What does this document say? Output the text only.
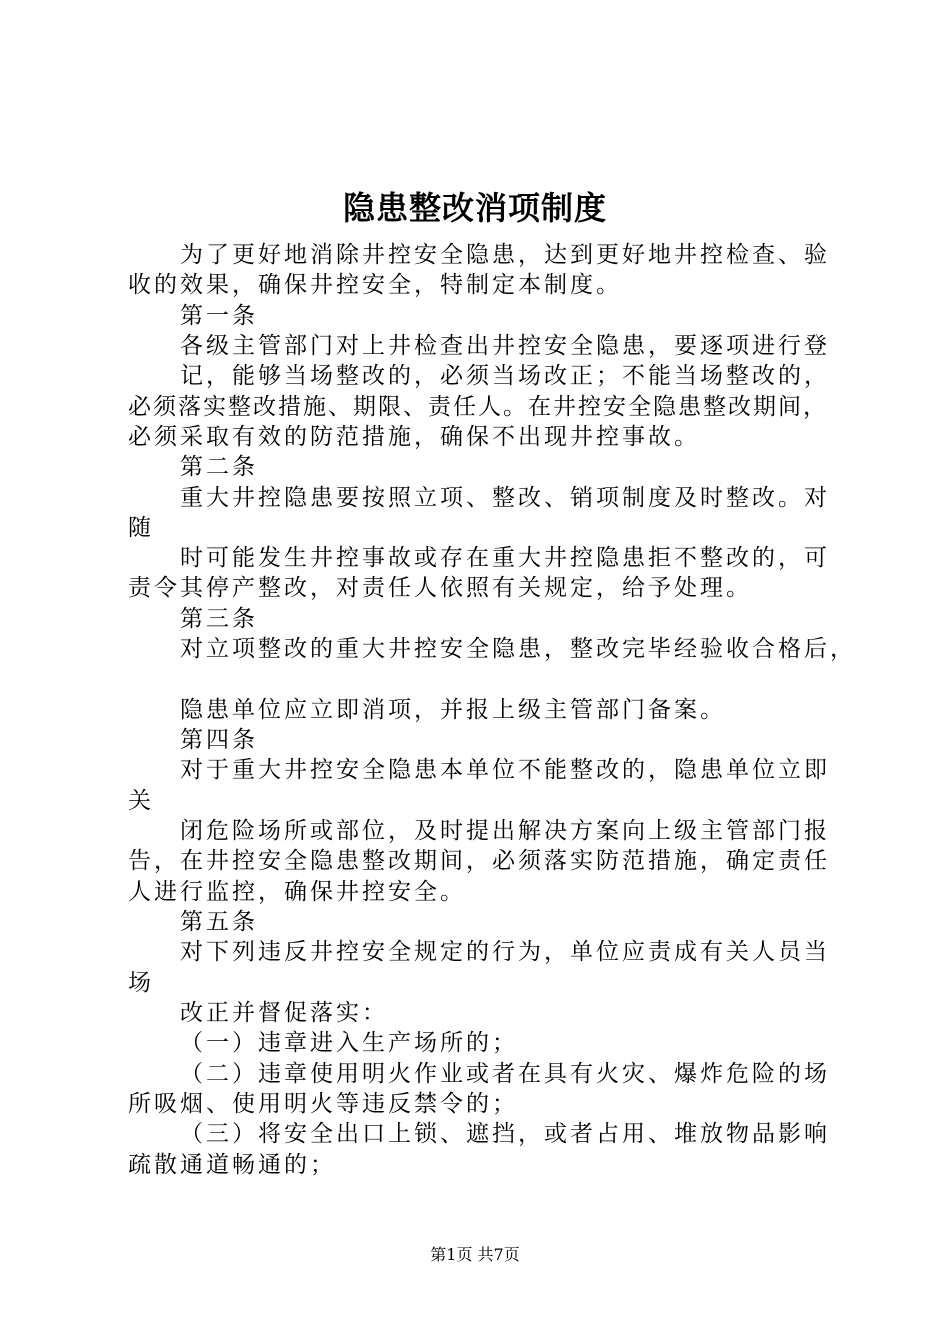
隐患整改消项制度
为了更好地消除井控安全隐患，达到更好地井控检查、验
收的效果，确保井控安全，特制定本制度。
第一条
各级主管部门对上井检查出井控安全隐患，要逐项进行登
记，能够当场整改的，必须当场改正；不能当场整改的，
必须落实整改措施、期限、责任人。在井控安全隐患整改期间，
必须采取有效的防范措施，确保不出现井控事故。
第二条
重大井控隐患要按照立项、整改、销项制度及时整改。对
随
时可能发生井控事故或存在重大井控隐患拒不整改的，可
责令其停产整改，对责任人依照有关规定，给予处理。
第三条
对立项整改的重大井控安全隐患，整改完毕经验收合格后，
隐患单位应立即消项，并报上级主管部门备案。
第四条
对于重大井控安全隐患本单位不能整改的，隐患单位立即
关
闭危险场所或部位，及时提出解决方案向上级主管部门报
告，在井控安全隐患整改期间，必须落实防范措施，确定责任
人进行监控，确保井控安全。
第五条
对下列违反井控安全规定的行为，单位应责成有关人员当
场
改正并督促落实：
（一）违章进入生产场所的；
（二）违章使用明火作业或者在具有火灾、爆炸危险的场
所吸烟、使用明火等违反禁令的；
（三）将安全出口上锁、遮挡，或者占用、堆放物品影响
疏散通道畅通的；
第1页 共7页
